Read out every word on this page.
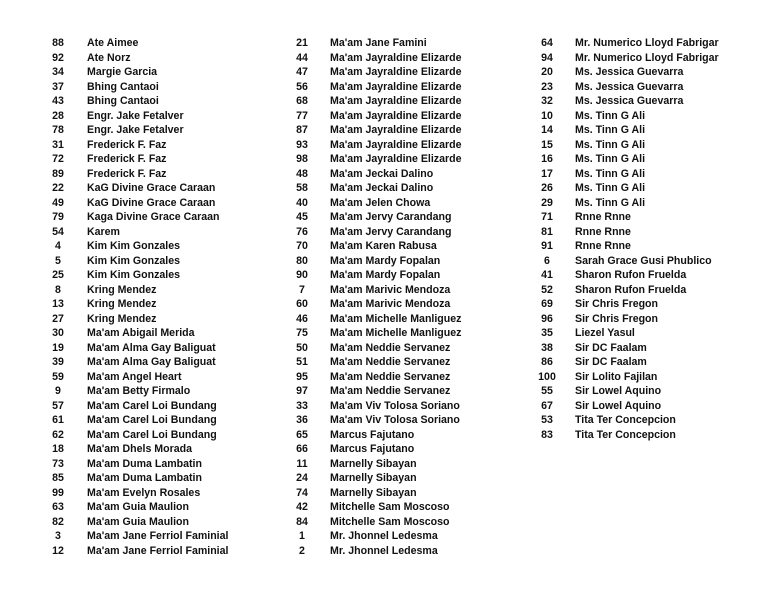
88	Ate Aimee
92	Ate Norz
34	Margie Garcia
37	Bhing Cantaoi
43	Bhing Cantaoi
28	Engr. Jake Fetalver
78	Engr. Jake Fetalver
31	Frederick F. Faz
72	Frederick F. Faz
89	Frederick F. Faz
22	KaG Divine Grace Caraan
49	KaG Divine Grace Caraan
79	Kaga Divine Grace Caraan
54	Karem
4	Kim Kim Gonzales
5	Kim Kim Gonzales
25	Kim Kim Gonzales
8	Kring Mendez
13	Kring Mendez
27	Kring Mendez
30	Ma'am Abigail Merida
19	Ma'am Alma Gay Baliguat
39	Ma'am Alma Gay Baliguat
59	Ma'am Angel Heart
9	Ma'am Betty Firmalo
57	Ma'am Carel Loi Bundang
61	Ma'am Carel Loi Bundang
62	Ma'am Carel Loi Bundang
18	Ma'am Dhels Morada
73	Ma'am Duma Lambatin
85	Ma'am Duma Lambatin
99	Ma'am Evelyn Rosales
63	Ma'am Guia Maulion
82	Ma'am Guia Maulion
3	Ma'am Jane Ferriol Faminial
12	Ma'am Jane Ferriol Faminial
21	Ma'am Jane Famini
44	Ma'am Jayraldine Elizarde
47	Ma'am Jayraldine Elizarde
56	Ma'am Jayraldine Elizarde
68	Ma'am Jayraldine Elizarde
77	Ma'am Jayraldine Elizarde
87	Ma'am Jayraldine Elizarde
93	Ma'am Jayraldine Elizarde
98	Ma'am Jayraldine Elizarde
48	Ma'am Jeckai Dalino
58	Ma'am Jeckai Dalino
40	Ma'am Jelen Chowa
45	Ma'am Jervy Carandang
76	Ma'am Jervy Carandang
70	Ma'am Karen Rabusa
80	Ma'am Mardy Fopalan
90	Ma'am Mardy Fopalan
7	Ma'am Marivic Mendoza
60	Ma'am Marivic Mendoza
46	Ma'am Michelle Manliguez
75	Ma'am Michelle Manliguez
50	Ma'am Neddie Servanez
51	Ma'am Neddie Servanez
95	Ma'am Neddie Servanez
97	Ma'am Neddie Servanez
33	Ma'am Viv Tolosa Soriano
36	Ma'am Viv Tolosa Soriano
65	Marcus Fajutano
66	Marcus Fajutano
11	Marnelly Sibayan
24	Marnelly Sibayan
74	Marnelly Sibayan
42	Mitchelle Sam Moscoso
84	Mitchelle Sam Moscoso
1	Mr. Jhonnel Ledesma
2	Mr. Jhonnel Ledesma
64	Mr. Numerico Lloyd Fabrigar
94	Mr. Numerico Lloyd Fabrigar
20	Ms. Jessica Guevarra
23	Ms. Jessica Guevarra
32	Ms. Jessica Guevarra
10	Ms. Tinn G Ali
14	Ms. Tinn G Ali
15	Ms. Tinn G Ali
16	Ms. Tinn G Ali
17	Ms. Tinn G Ali
26	Ms. Tinn G Ali
29	Ms. Tinn G Ali
71	Rnne Rnne
81	Rnne Rnne
91	Rnne Rnne
6	Sarah Grace Gusi Phublico
41	Sharon Rufon Fruelda
52	Sharon Rufon Fruelda
69	Sir Chris Fregon
96	Sir Chris Fregon
35	Liezel Yasul
38	Sir DC Faalam
86	Sir DC Faalam
100	Sir Lolito Fajilan
55	Sir Lowel Aquino
67	Sir Lowel Aquino
53	Tita Ter Concepcion
83	Tita Ter Concepcion
